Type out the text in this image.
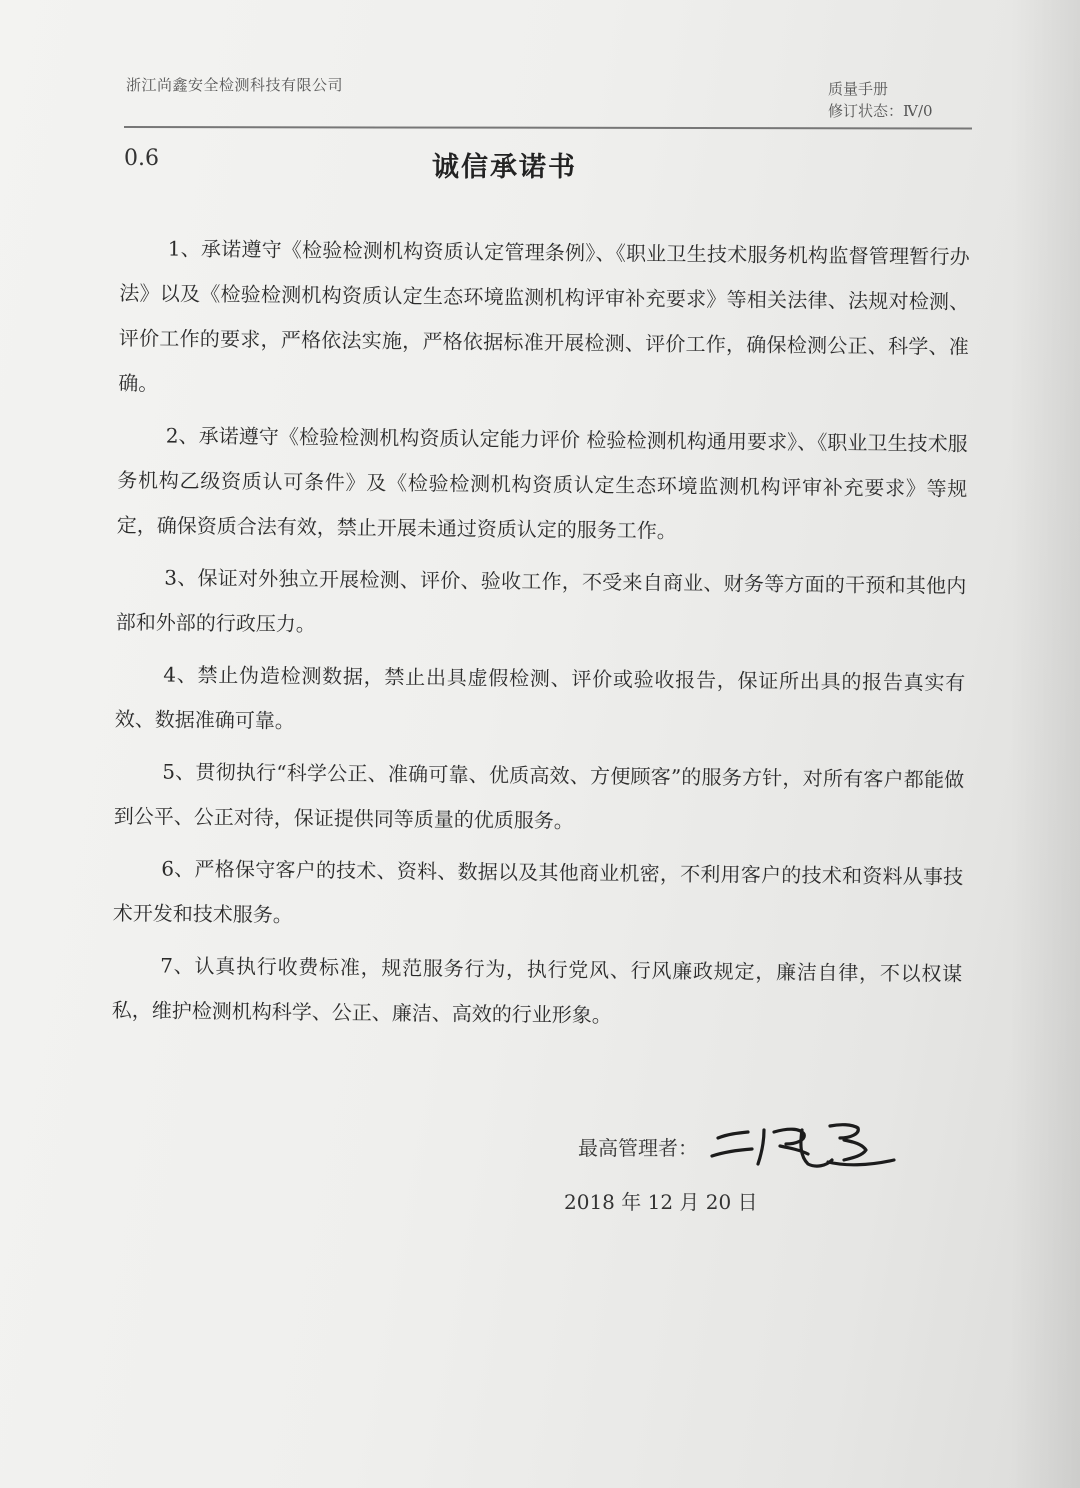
浙江尚鑫安全检测科技有限公司	质量手册
修订状态：Ⅳ/0
0.6	诚信承诺书

1、承诺遵守《检验检测机构资质认定管理条例》、《职业卫生技术服务机构监督管理暂行办法》以及《检验检测机构资质认定生态环境监测机构评审补充要求》等相关法律、法规对检测、评价工作的要求，严格依法实施，严格依据标准开展检测、评价工作，确保检测公正、科学、准确。

2、承诺遵守《检验检测机构资质认定能力评价 检验检测机构通用要求》、《职业卫生技术服务机构乙级资质认可条件》及《检验检测机构资质认定生态环境监测机构评审补充要求》等规定，确保资质合法有效，禁止开展未通过资质认定的服务工作。

3、保证对外独立开展检测、评价、验收工作，不受来自商业、财务等方面的干预和其他内部和外部的行政压力。

4、禁止伪造检测数据，禁止出具虚假检测、评价或验收报告，保证所出具的报告真实有效、数据准确可靠。

5、贯彻执行“科学公正、准确可靠、优质高效、方便顾客”的服务方针，对所有客户都能做到公平、公正对待，保证提供同等质量的优质服务。

6、严格保守客户的技术、资料、数据以及其他商业机密，不利用客户的技术和资料从事技术开发和技术服务。

7、认真执行收费标准，规范服务行为，执行党风、行风廉政规定，廉洁自律，不以权谋私，维护检测机构科学、公正、廉洁、高效的行业形象。

最高管理者：
2018 年 12 月 20 日
